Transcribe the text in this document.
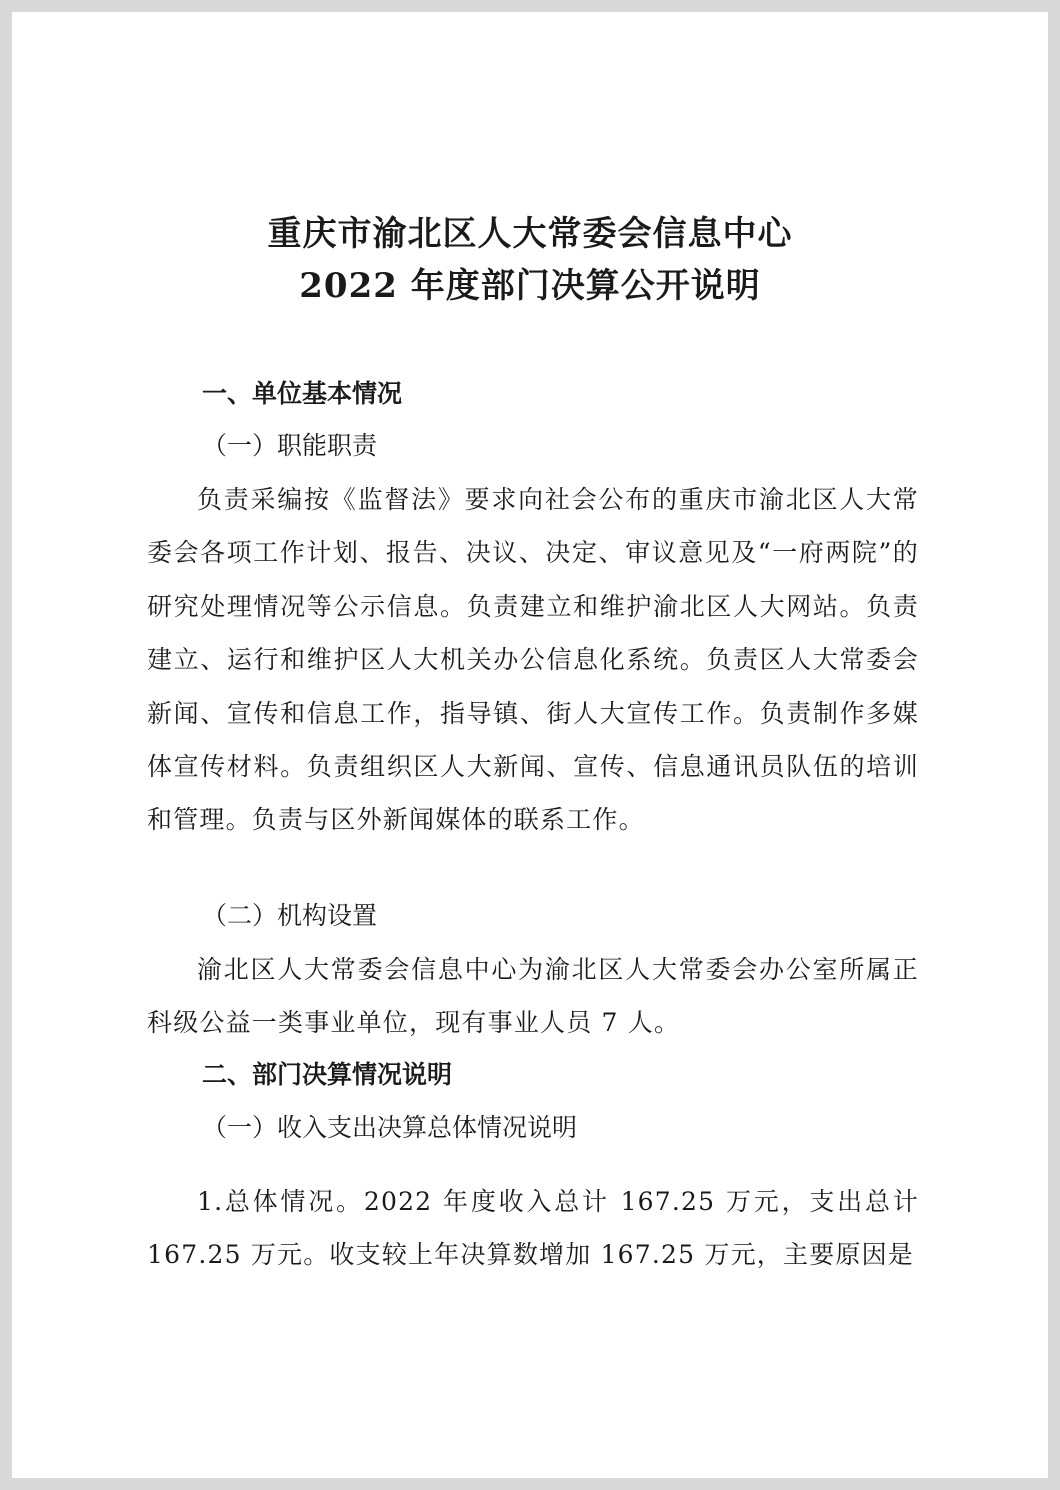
重庆市渝北区人大常委会信息中心
2022 年度部门决算公开说明
一、单位基本情况
（一）职能职责
负责采编按《监督法》要求向社会公布的重庆市渝北区人大常委会各项工作计划、报告、决议、决定、审议意见及“一府两院”的研究处理情况等公示信息。负责建立和维护渝北区人大网站。负责建立、运行和维护区人大机关办公信息化系统。负责区人大常委会新闻、宣传和信息工作，指导镇、街人大宣传工作。负责制作多媒体宣传材料。负责组织区人大新闻、宣传、信息通讯员队伍的培训和管理。负责与区外新闻媒体的联系工作。
（二）机构设置
渝北区人大常委会信息中心为渝北区人大常委会办公室所属正科级公益一类事业单位，现有事业人员 7 人。
二、部门决算情况说明
（一）收入支出决算总体情况说明
1.总体情况。2022 年度收入总计 167.25 万元，支出总计 167.25 万元。收支较上年决算数增加 167.25 万元，主要原因是
